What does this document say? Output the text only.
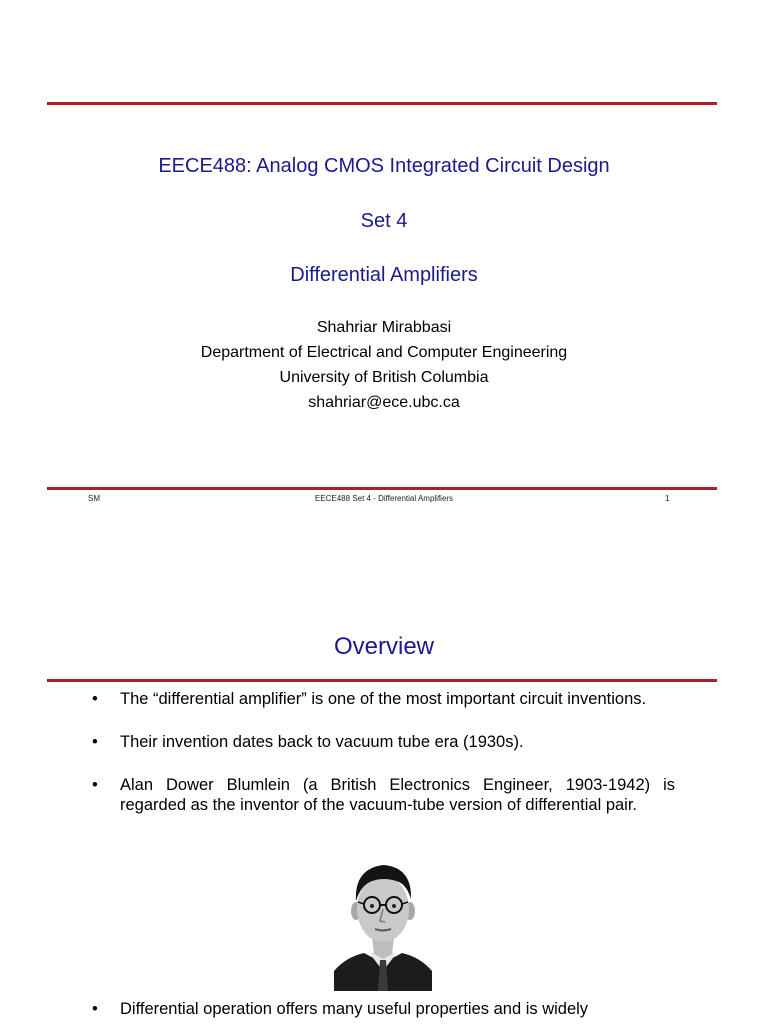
EECE488: Analog CMOS Integrated Circuit Design
Set 4
Differential Amplifiers
Shahriar Mirabbasi
Department of Electrical and Computer Engineering
University of British Columbia
shahriar@ece.ubc.ca
SM	EECE488 Set 4 - Differential Amplifiers	1
Overview
• The “differential amplifier” is one of the most important circuit inventions.
• Their invention dates back to vacuum tube era (1930s).
• Alan Dower Blumlein (a British Electronics Engineer, 1903-1942) is regarded as the inventor of the vacuum-tube version of differential pair.
• Differential operation offers many useful properties and is widely
